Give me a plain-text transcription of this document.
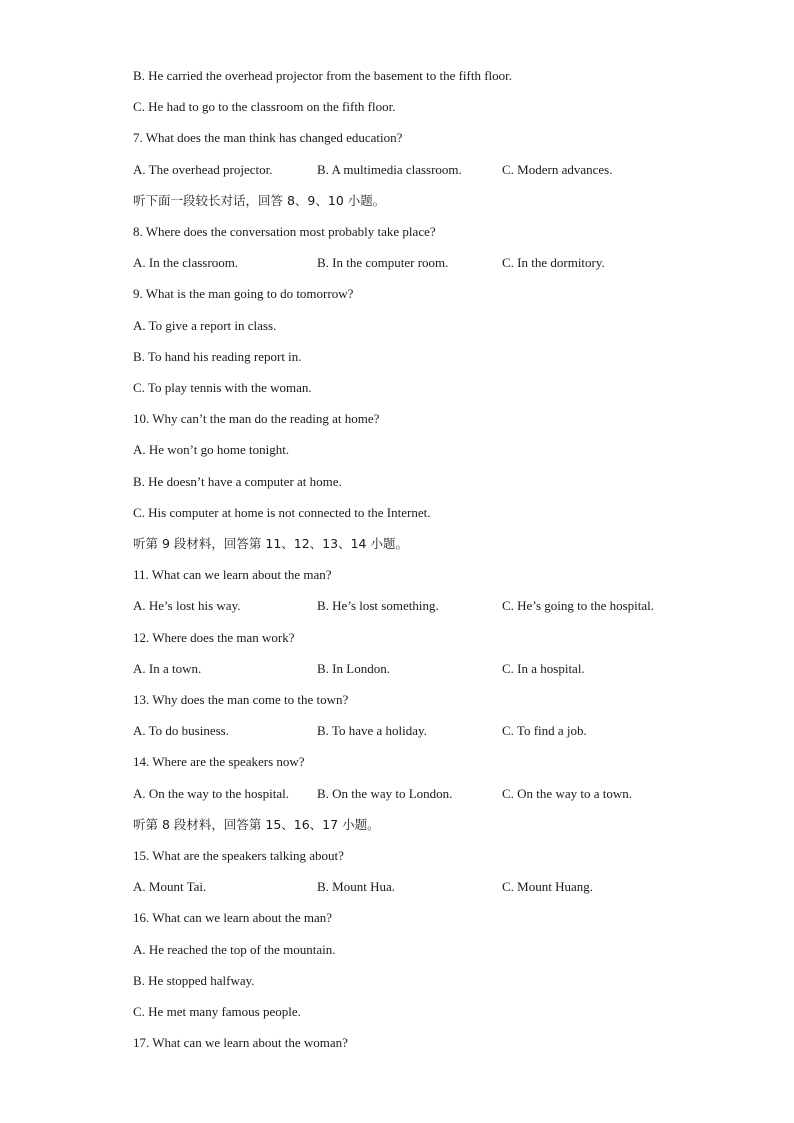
B. He carried the overhead projector from the basement to the fifth floor.
C. He had to go to the classroom on the fifth floor.
7. What does the man think has changed education?
A. The overhead projector.	B. A multimedia classroom.	C. Modern advances.
听下面一段较长对话，回答 8、9、10 小题。
8. Where does the conversation most probably take place?
A. In the classroom.	B. In the computer room.	C. In the dormitory.
9. What is the man going to do tomorrow?
A. To give a report in class.
B. To hand his reading report in.
C. To play tennis with the woman.
10. Why can’t the man do the reading at home?
A. He won’t go home tonight.
B. He doesn’t have a computer at home.
C. His computer at home is not connected to the Internet.
听第 9 段材料，回答第 11、12、13、14 小题。
11. What can we learn about the man?
A. He’s lost his way.	B. He’s lost something.	C. He’s going to the hospital.
12. Where does the man work?
A. In a town.	B. In London.	C. In a hospital.
13. Why does the man come to the town?
A. To do business.	B. To have a holiday.	C. To find a job.
14. Where are the speakers now?
A. On the way to the hospital. B. On the way to London.	C. On the way to a town.
听第 8 段材料，回答第 15、16、17 小题。
15. What are the speakers talking about?
A. Mount Tai.	B. Mount Hua.	C. Mount Huang.
16. What can we learn about the man?
A. He reached the top of the mountain.
B. He stopped halfway.
C. He met many famous people.
17. What can we learn about the woman?
